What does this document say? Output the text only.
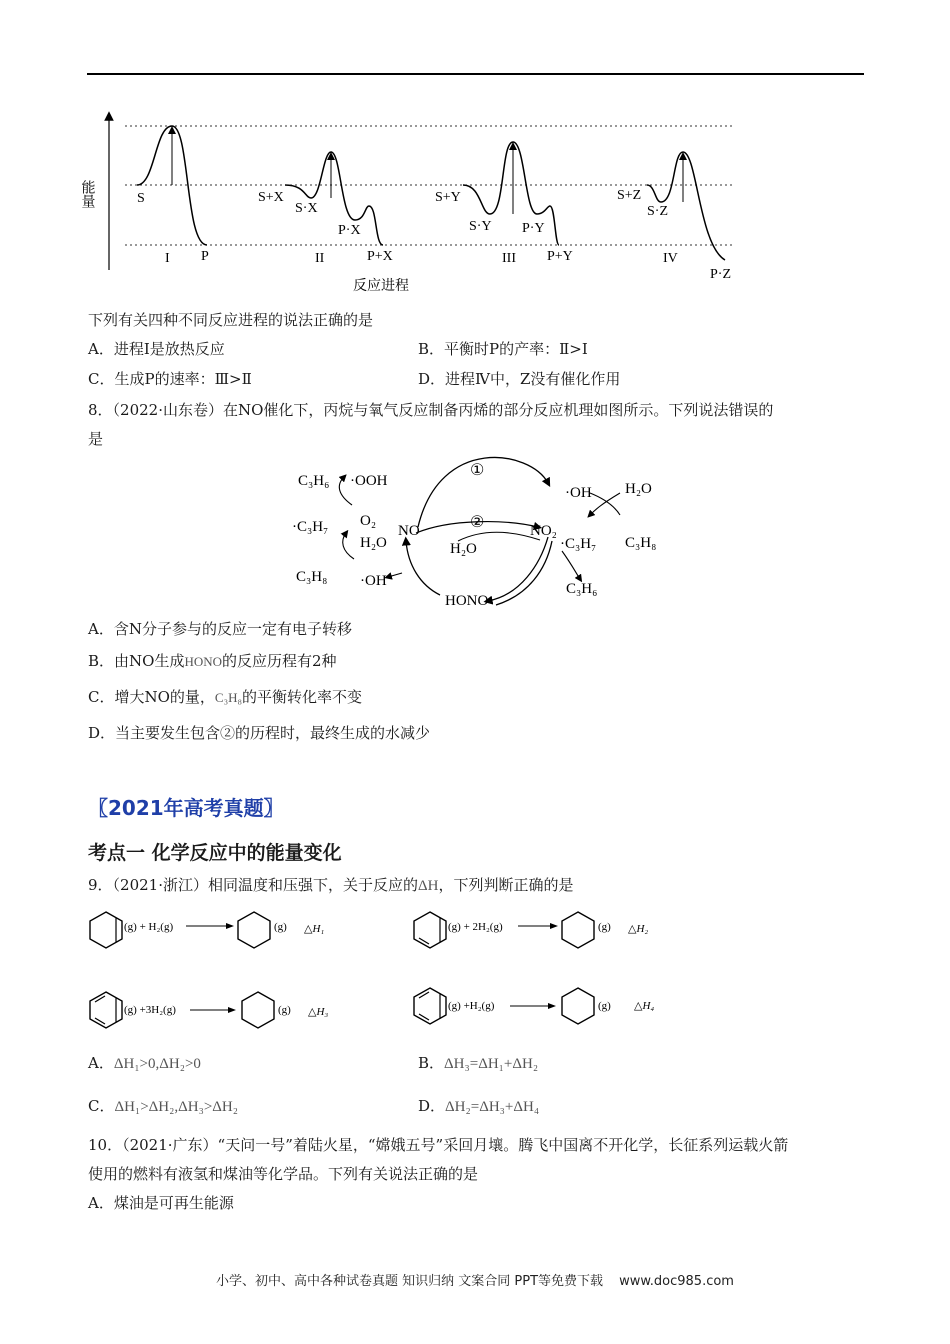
能量	S
P
I
S+X
S·X
P·X
P+X
II
S+Y
S·Y P·Y
P+Y
III
S+Z
S·Z
P·Z
IV
反应进程
下列有关四种不同反应进程的说法正确的是
A．进程Ⅰ是放热反应	B．平衡时P的产率：Ⅱ>Ⅰ
C．生成P的速率：Ⅲ>Ⅱ	D．进程Ⅳ中，Z没有催化作用
8．（2022·山东卷）在NO催化下，丙烷与氧气反应制备丙烯的部分反应机理如图所示。下列说法错误的
是
C₃H₆ ·OOH
·C₃H₇ O₂
H₂O
C₃H₈ ·OH
NO
①
②
H₂O
HONO
·OH
NO₂
·C₃H₇
C₃H₆
H₂O
C₃H₈
A．含N分子参与的反应一定有电子转移
B．由NO生成HONO的反应历程有2种
C．增大NO的量，C₃H₈的平衡转化率不变
D．当主要发生包含②的历程时，最终生成的水减少
〖2021年高考真题〗
考点一 化学反应中的能量变化
9．（2021·浙江）相同温度和压强下，关于反应的ΔH，下列判断正确的是
(g) + H₂(g)	(g) △H₁	(g) + 2H₂(g)	(g) △H₂
(g) +3H₂(g)	(g) △H₃	(g) +H₂(g)	(g) △H₄
A．ΔH₁>0,ΔH₂>0	B．ΔH₃=ΔH₁+ΔH₂
C．ΔH₁>ΔH₂,ΔH₃>ΔH₂	D．ΔH₂=ΔH₃+ΔH₄
10．（2021·广东）“天问一号”着陆火星，“嫦娥五号”采回月壤。腾飞中国离不开化学，长征系列运载火箭
使用的燃料有液氢和煤油等化学品。下列有关说法正确的是
A．煤油是可再生能源
小学、初中、高中各种试卷真题 知识归纳 文案合同 PPT等免费下载 www.doc985.com
